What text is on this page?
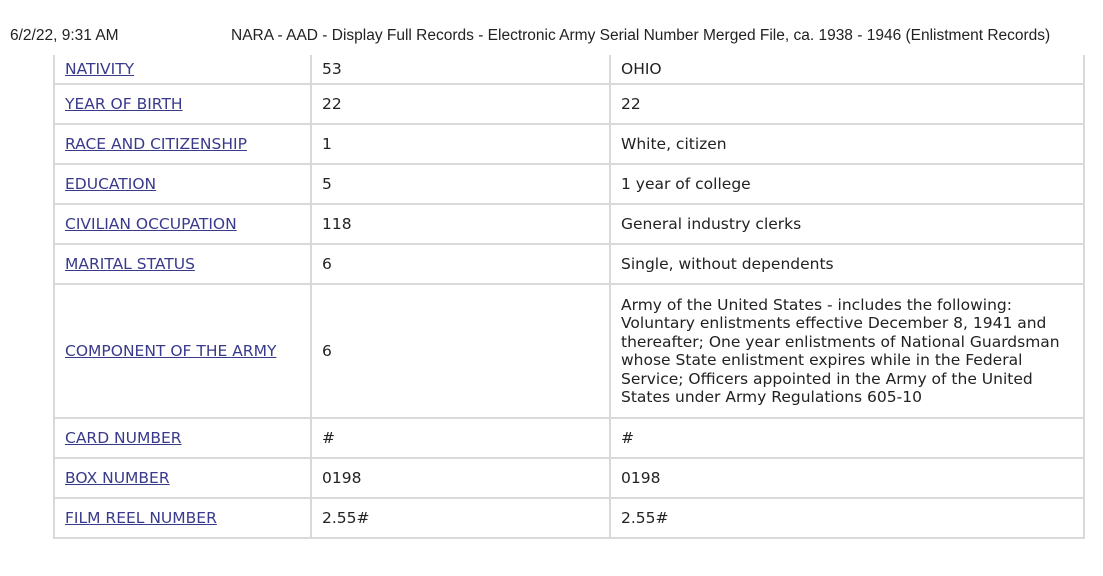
6/2/22, 9:31 AM	NARA - AAD - Display Full Records - Electronic Army Serial Number Merged File, ca. 1938 - 1946 (Enlistment Records)
NATIVITY	53	OHIO
YEAR OF BIRTH	22	22
RACE AND CITIZENSHIP	1	White, citizen
EDUCATION	5	1 year of college
CIVILIAN OCCUPATION	118	General industry clerks
MARITAL STATUS	6	Single, without dependents
COMPONENT OF THE ARMY	6	Army of the United States - includes the following: Voluntary enlistments effective December 8, 1941 and thereafter; One year enlistments of National Guardsman whose State enlistment expires while in the Federal Service; Officers appointed in the Army of the United States under Army Regulations 605-10
CARD NUMBER	#	#
BOX NUMBER	0198	0198
FILM REEL NUMBER	2.55#	2.55#
